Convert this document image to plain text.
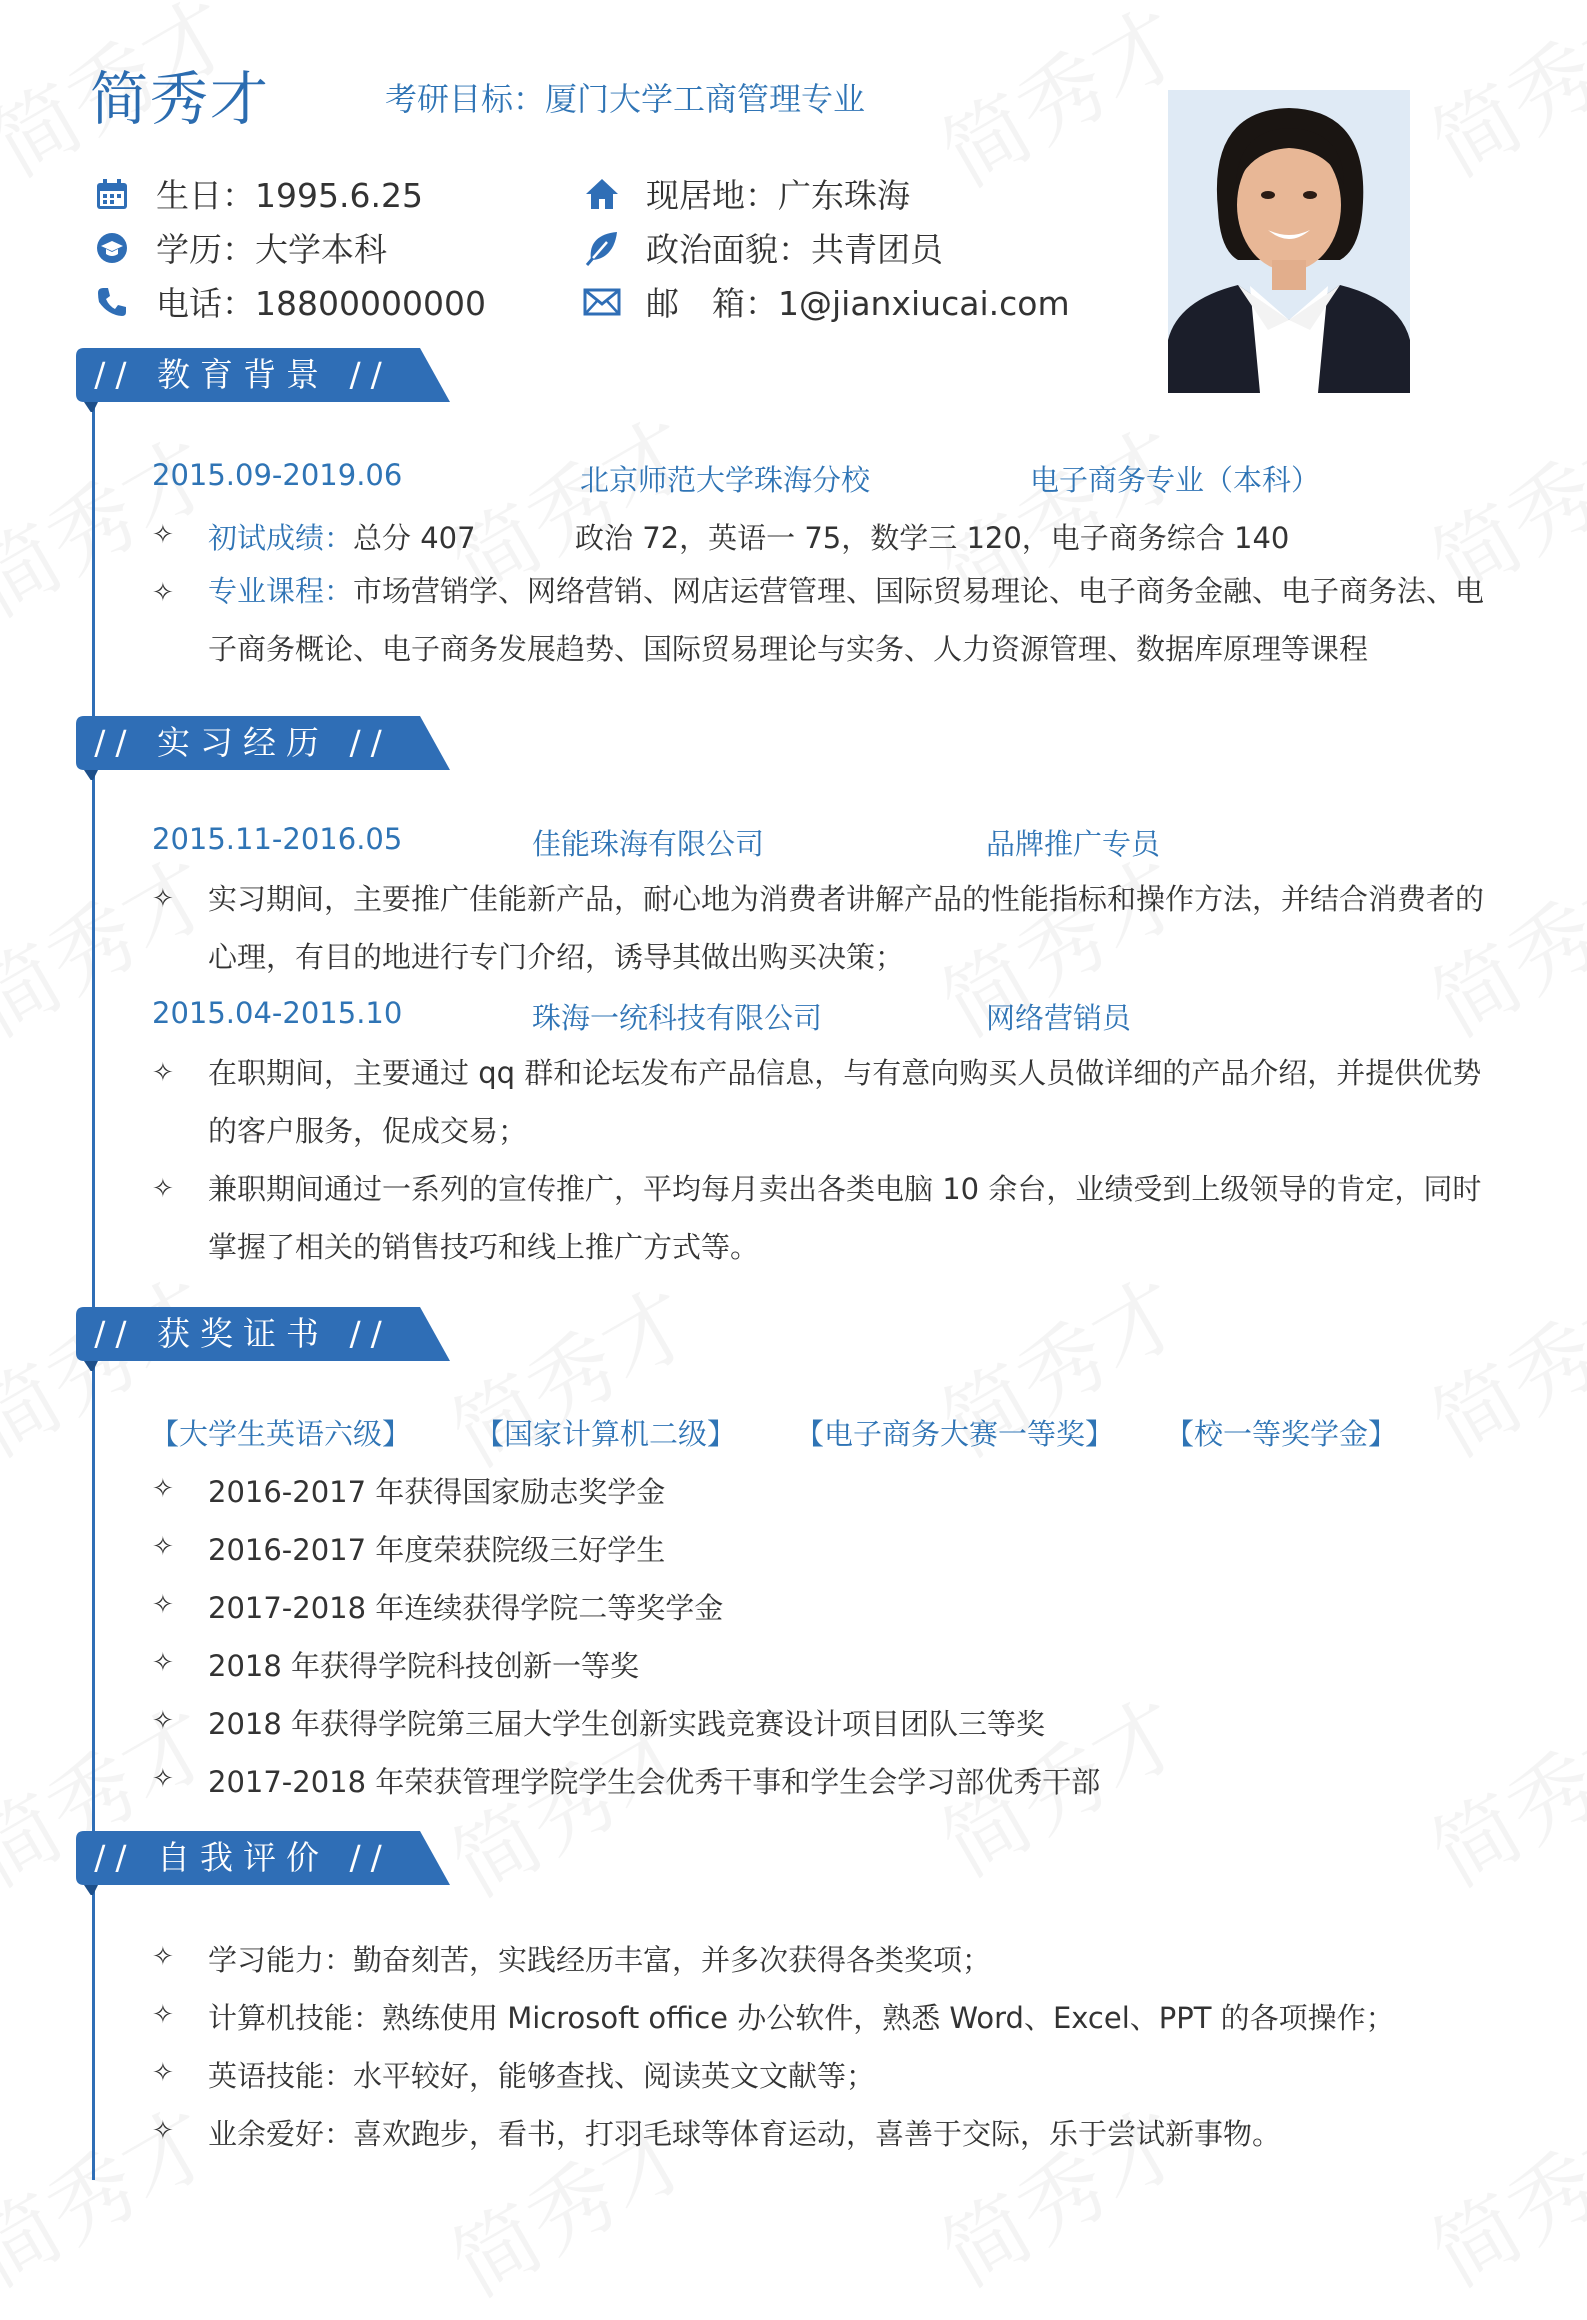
简秀才	考研目标：厦门大学工商管理专业
生日：1995.6.25	现居地：广东珠海
学历：大学本科	政治面貌：共青团员
电话：18800000000	邮　箱：1@jianxiucai.com
// 教育背景 //
2015.09-2019.06	北京师范大学珠海分校	电子商务专业（本科）
✧ 初试成绩：总分 407	政治 72，英语一 75，数学三 120，电子商务综合 140
✧ 专业课程：市场营销学、网络营销、网店运营管理、国际贸易理论、电子商务金融、电子商务法、电子商务概论、电子商务发展趋势、国际贸易理论与实务、人力资源管理、数据库原理等课程
// 实习经历 //
2015.11-2016.05	佳能珠海有限公司	品牌推广专员
✧ 实习期间，主要推广佳能新产品，耐心地为消费者讲解产品的性能指标和操作方法，并结合消费者的心理，有目的地进行专门介绍，诱导其做出购买决策；
2015.04-2015.10	珠海一统科技有限公司	网络营销员
✧ 在职期间，主要通过 qq 群和论坛发布产品信息，与有意向购买人员做详细的产品介绍，并提供优势的客户服务，促成交易；
✧ 兼职期间通过一系列的宣传推广，平均每月卖出各类电脑 10 余台，业绩受到上级领导的肯定，同时掌握了相关的销售技巧和线上推广方式等。
// 获奖证书 //
【大学生英语六级】 【国家计算机二级】 【电子商务大赛一等奖】 【校一等奖学金】
✧ 2016-2017 年获得国家励志奖学金
✧ 2016-2017 年度荣获院级三好学生
✧ 2017-2018 年连续获得学院二等奖学金
✧ 2018 年获得学院科技创新一等奖
✧ 2018 年获得学院第三届大学生创新实践竞赛设计项目团队三等奖
✧ 2017-2018 年荣获管理学院学生会优秀干事和学生会学习部优秀干部
// 自我评价 //
✧ 学习能力：勤奋刻苦，实践经历丰富，并多次获得各类奖项；
✧ 计算机技能：熟练使用 Microsoft office 办公软件，熟悉 Word、Excel、PPT 的各项操作；
✧ 英语技能：水平较好，能够查找、阅读英文文献等；
✧ 业余爱好：喜欢跑步，看书，打羽毛球等体育运动，喜善于交际，乐于尝试新事物。
